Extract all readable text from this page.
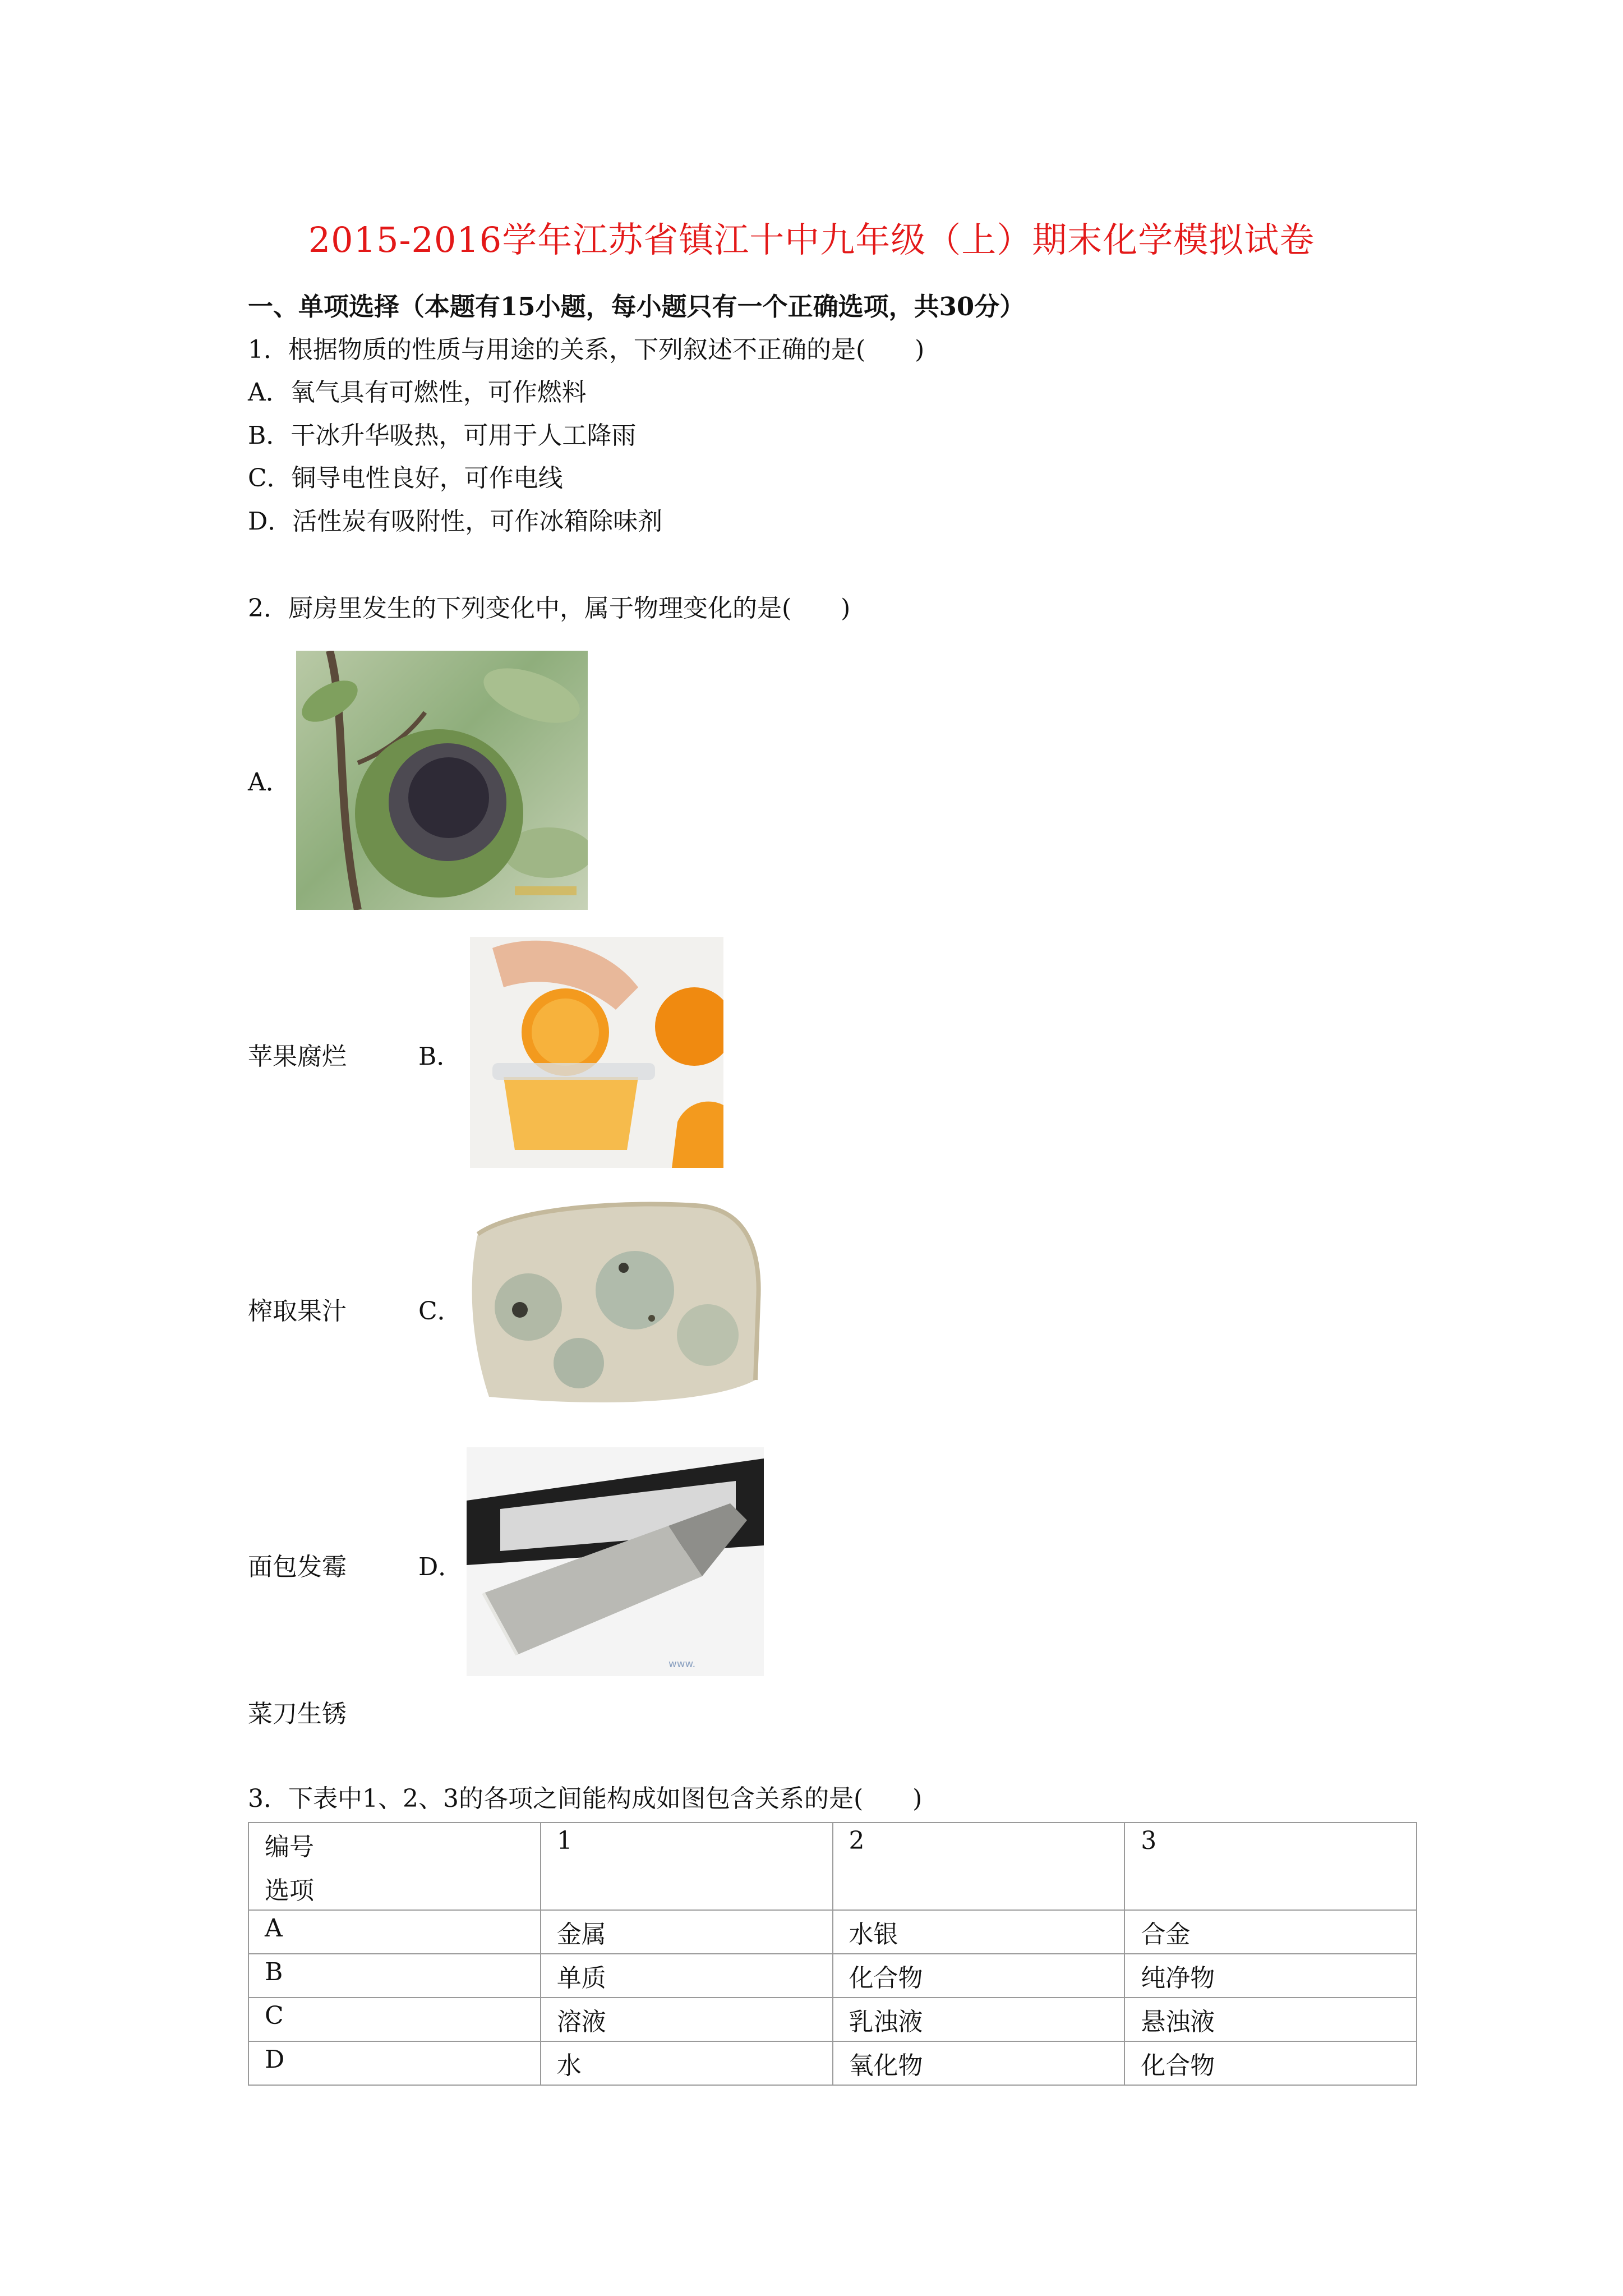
2015-2016学年江苏省镇江十中九年级（上）期末化学模拟试卷
一、单项选择（本题有15小题，每小题只有一个正确选项，共30分）
1．根据物质的性质与用途的关系，下列叙述不正确的是(　　)
A．氧气具有可燃性，可作燃料
B．干冰升华吸热，可用于人工降雨
C．铜导电性良好，可作电线
D．活性炭有吸附性，可作冰箱除味剂
2．厨房里发生的下列变化中，属于物理变化的是(　　)
A．
苹果腐烂	B．
榨取果汁	C．
www.
面包发霉	D．
菜刀生锈
3．下表中1、2、3的各项之间能构成如图包含关系的是(　　)
编号
选项	1	2	3
A	金属	水银	合金
B	单质	化合物	纯净物
C	溶液	乳浊液	悬浊液
D	水	氧化物	化合物
